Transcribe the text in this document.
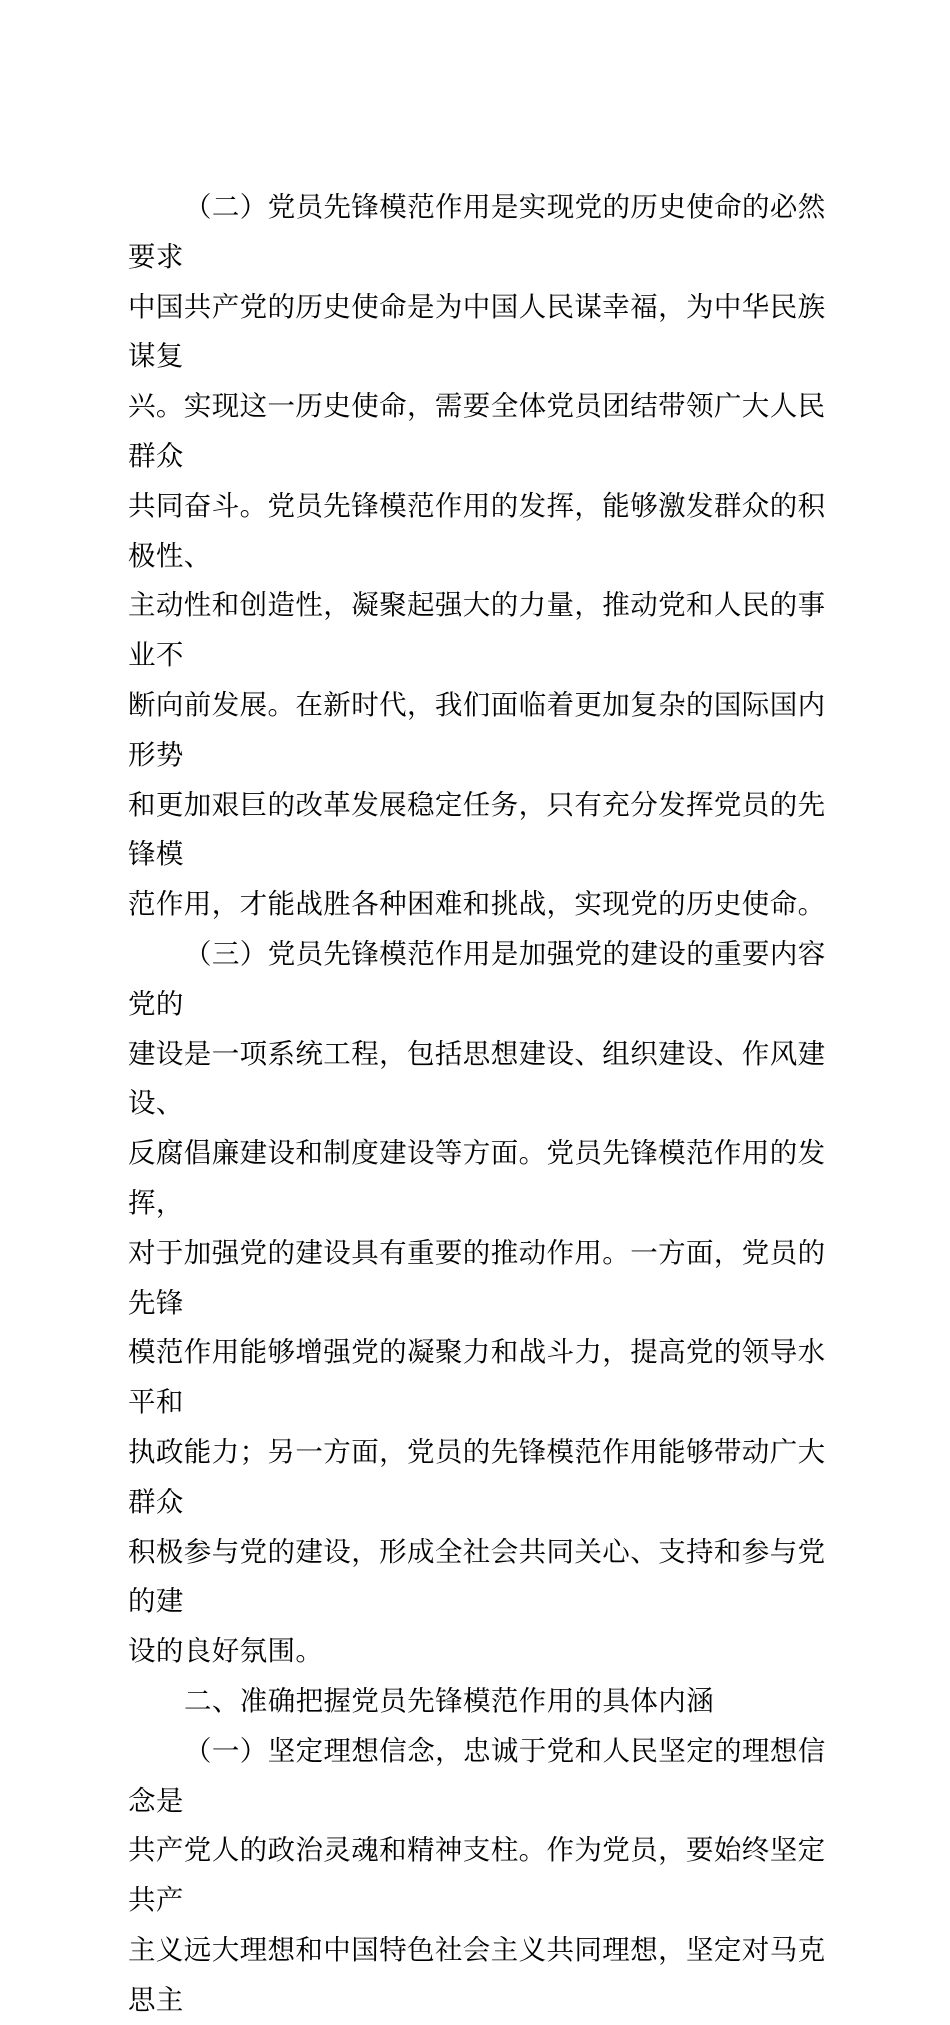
（二）党员先锋模范作用是实现党的历史使命的必然要求

中国共产党的历史使命是为中国人民谋幸福，为中华民族谋复
兴。实现这一历史使命，需要全体党员团结带领广大人民群众
共同奋斗。党员先锋模范作用的发挥，能够激发群众的积极性、
主动性和创造性，凝聚起强大的力量，推动党和人民的事业不
断向前发展。在新时代，我们面临着更加复杂的国际国内形势
和更加艰巨的改革发展稳定任务，只有充分发挥党员的先锋模
范作用，才能战胜各种困难和挑战，实现党的历史使命。

（三）党员先锋模范作用是加强党的建设的重要内容党的
建设是一项系统工程，包括思想建设、组织建设、作风建设、
反腐倡廉建设和制度建设等方面。党员先锋模范作用的发挥，
对于加强党的建设具有重要的推动作用。一方面，党员的先锋
模范作用能够增强党的凝聚力和战斗力，提高党的领导水平和
执政能力；另一方面，党员的先锋模范作用能够带动广大群众
积极参与党的建设，形成全社会共同关心、支持和参与党的建
设的良好氛围。

二、准确把握党员先锋模范作用的具体内涵

（一）坚定理想信念，忠诚于党和人民坚定的理想信念是
共产党人的政治灵魂和精神支柱。作为党员，要始终坚定共产
主义远大理想和中国特色社会主义共同理想，坚定对马克思主
